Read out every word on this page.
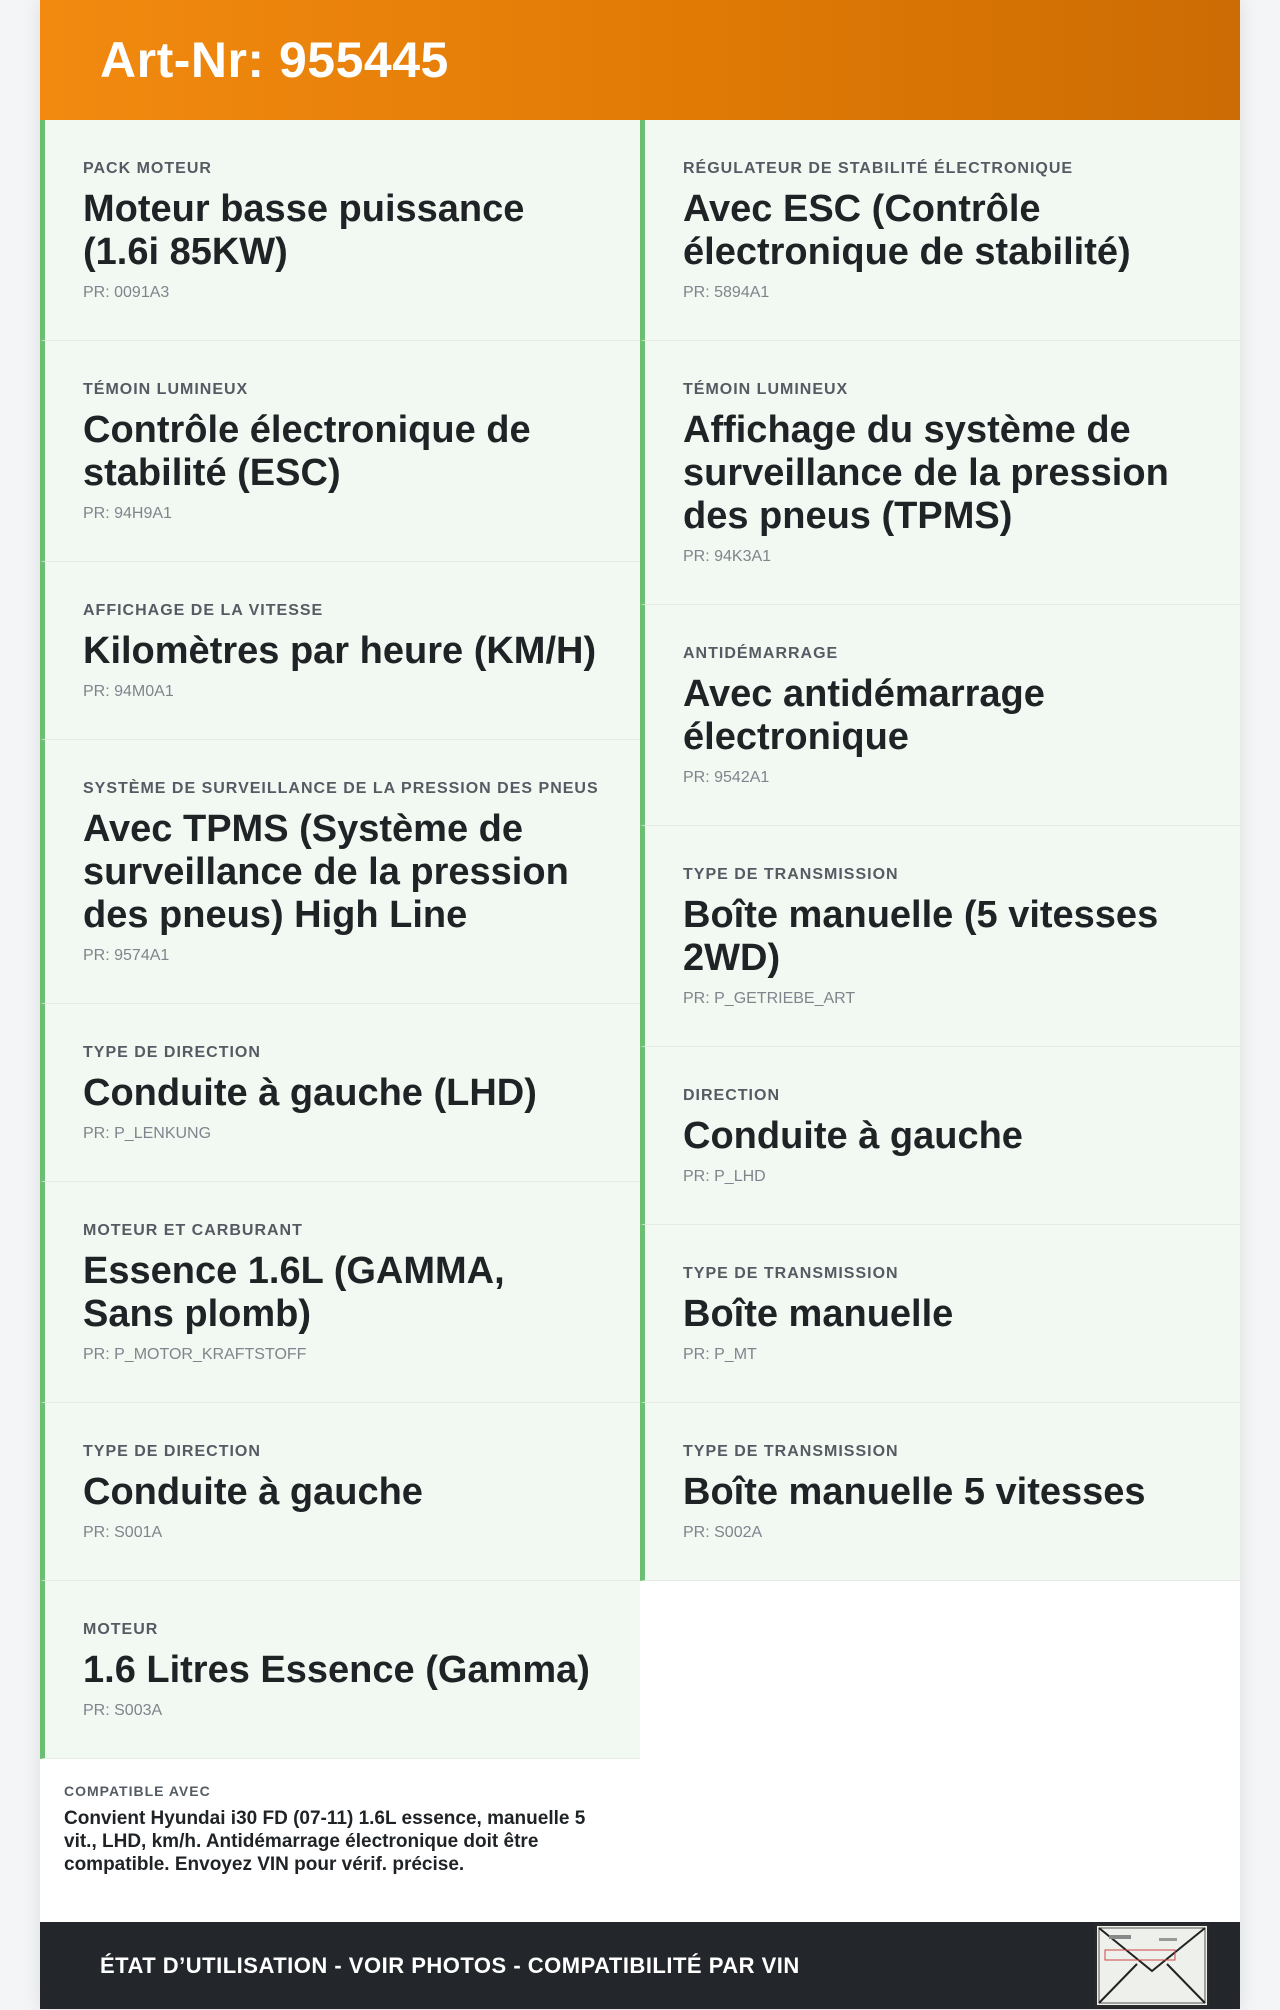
Art-Nr: 955445
PACK MOTEUR
Moteur basse puissance (1.6i 85KW)
PR: 0091A3
TÉMOIN LUMINEUX
Contrôle électronique de stabilité (ESC)
PR: 94H9A1
AFFICHAGE DE LA VITESSE
Kilomètres par heure (KM/H)
PR: 94M0A1
SYSTÈME DE SURVEILLANCE DE LA PRESSION DES PNEUS
Avec TPMS (Système de surveillance de la pression des pneus) High Line
PR: 9574A1
TYPE DE DIRECTION
Conduite à gauche (LHD)
PR: P_LENKUNG
MOTEUR ET CARBURANT
Essence 1.6L (GAMMA, Sans plomb)
PR: P_MOTOR_KRAFTSTOFF
TYPE DE DIRECTION
Conduite à gauche
PR: S001A
MOTEUR
1.6 Litres Essence (Gamma)
PR: S003A
COMPATIBLE AVEC
Convient Hyundai i30 FD (07-11) 1.6L essence, manuelle 5 vit., LHD, km/h. Antidémarrage électronique doit être compatible. Envoyez VIN pour vérif. précise.
RÉGULATEUR DE STABILITÉ ÉLECTRONIQUE
Avec ESC (Contrôle électronique de stabilité)
PR: 5894A1
TÉMOIN LUMINEUX
Affichage du système de surveillance de la pression des pneus (TPMS)
PR: 94K3A1
ANTIDÉMARRAGE
Avec antidémarrage électronique
PR: 9542A1
TYPE DE TRANSMISSION
Boîte manuelle (5 vitesses 2WD)
PR: P_GETRIEBE_ART
DIRECTION
Conduite à gauche
PR: P_LHD
TYPE DE TRANSMISSION
Boîte manuelle
PR: P_MT
TYPE DE TRANSMISSION
Boîte manuelle 5 vitesses
PR: S002A
ÉTAT D’UTILISATION - VOIR PHOTOS - COMPATIBILITÉ PAR VIN
